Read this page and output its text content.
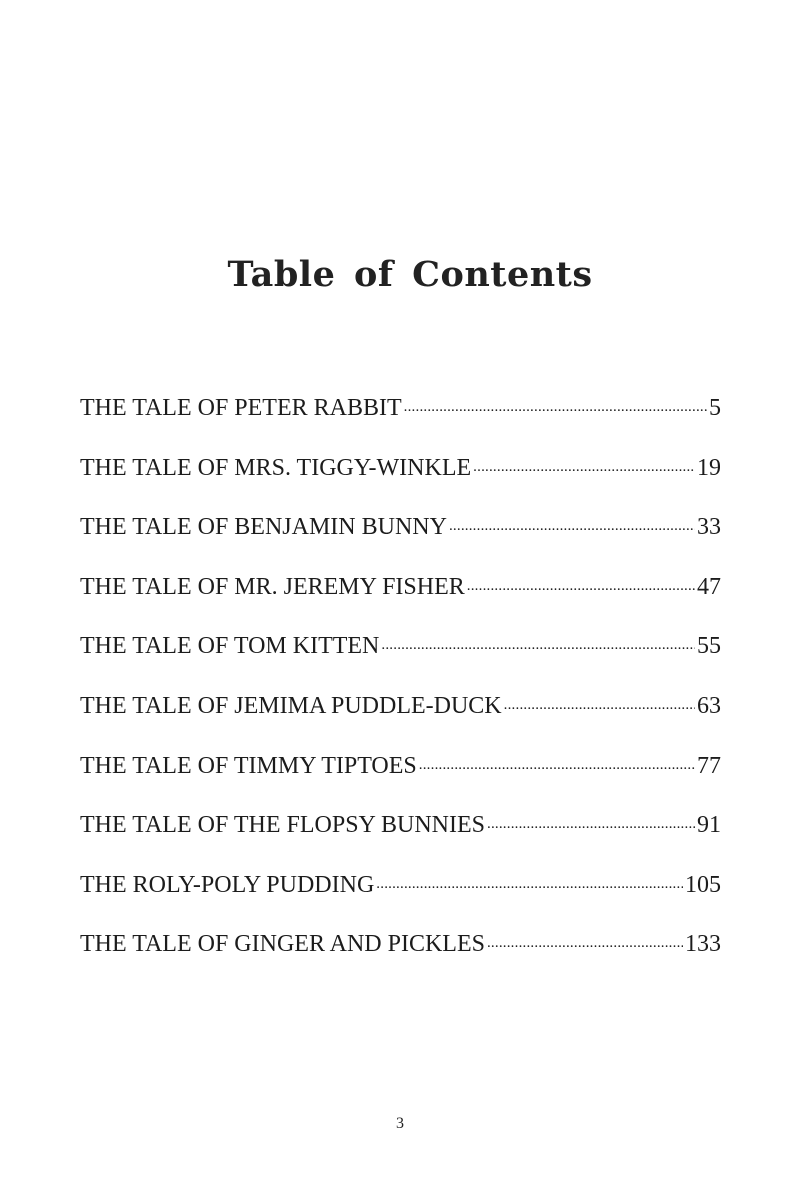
Table of Contents
THE TALE OF PETER RABBIT .....	5
THE TALE OF MRS. TIGGY-WINKLE .....	19
THE TALE OF BENJAMIN BUNNY .....	33
THE TALE OF MR. JEREMY FISHER .....	47
THE TALE OF TOM KITTEN .....	55
THE TALE OF JEMIMA PUDDLE-DUCK .....	63
THE TALE OF TIMMY TIPTOES .....	77
THE TALE OF THE FLOPSY BUNNIES .....	91
THE ROLY-POLY PUDDING .....	105
THE TALE OF GINGER AND PICKLES .....	133
3
